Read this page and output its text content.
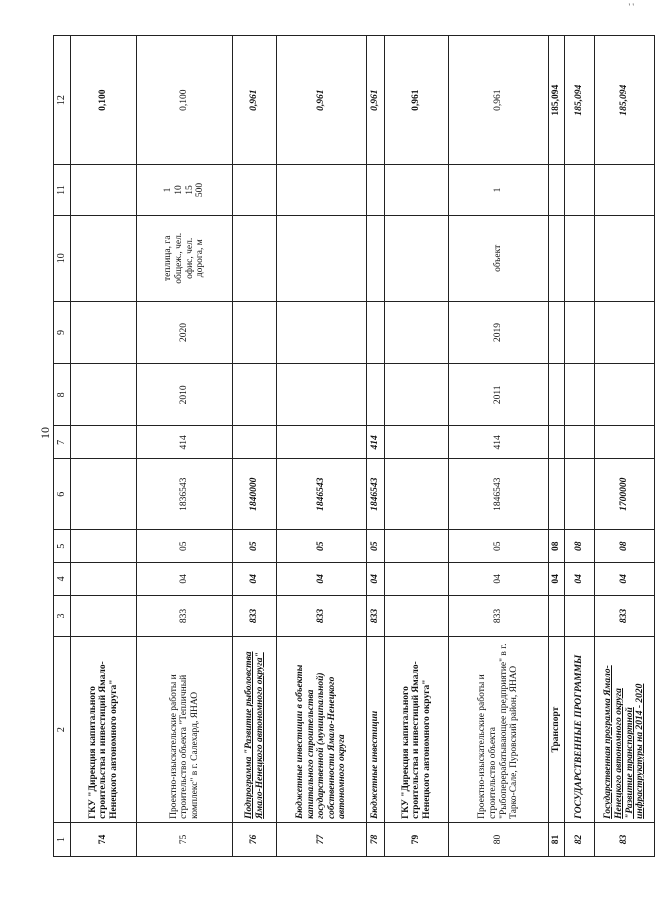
10
' '
1	2	3	4	5	6	7	8	9	10	11	12
74	ГКУ "Дирекция капитального строительства и инвестиций Ямало-Ненецкого автономного округа"										0,100
75	Проектно-изыскательские работы и строительство объекта "Тепличный комплекс" в г. Салехард, ЯНАО	833	04	05	1836543	414	2010	2020	теплица, га
общеж., чел.
офис, чел.
дорога, м	1
10
15
500	0,100
76	Подпрограмма "Развитие рыболовства Ямало-Ненецкого автономного округа"	833	04	05	1840000						0,961
77	Бюджетные инвестиции в объекты капитального строительства государственной (муниципальной) собственности Ямало-Ненецкого автономного округа	833	04	05	1846543						0,961
78	Бюджетные инвестиции	833	04	05	1846543	414					0,961
79	ГКУ "Дирекция капитального строительства и инвестиций Ямало-Ненецкого автономного округа"										0,961
80	Проектно-изыскательские работы и строительство объекта "Рыбоперерабатывающее предприятие" в г. Тарко-Сале, Пуровский район, ЯНАО	833	04	05	1846543	414	2011	2019	объект	1	0,961
81	Транспорт		04	08							185,094
82	ГОСУДАРСТВЕННЫЕ ПРОГРАММЫ		04	08							185,094
83	Государственная программа Ямало-Ненецкого автономного округа "Развитие транспортной инфраструктуры на 2014 - 2020	833	04	08	1700000						185,094
